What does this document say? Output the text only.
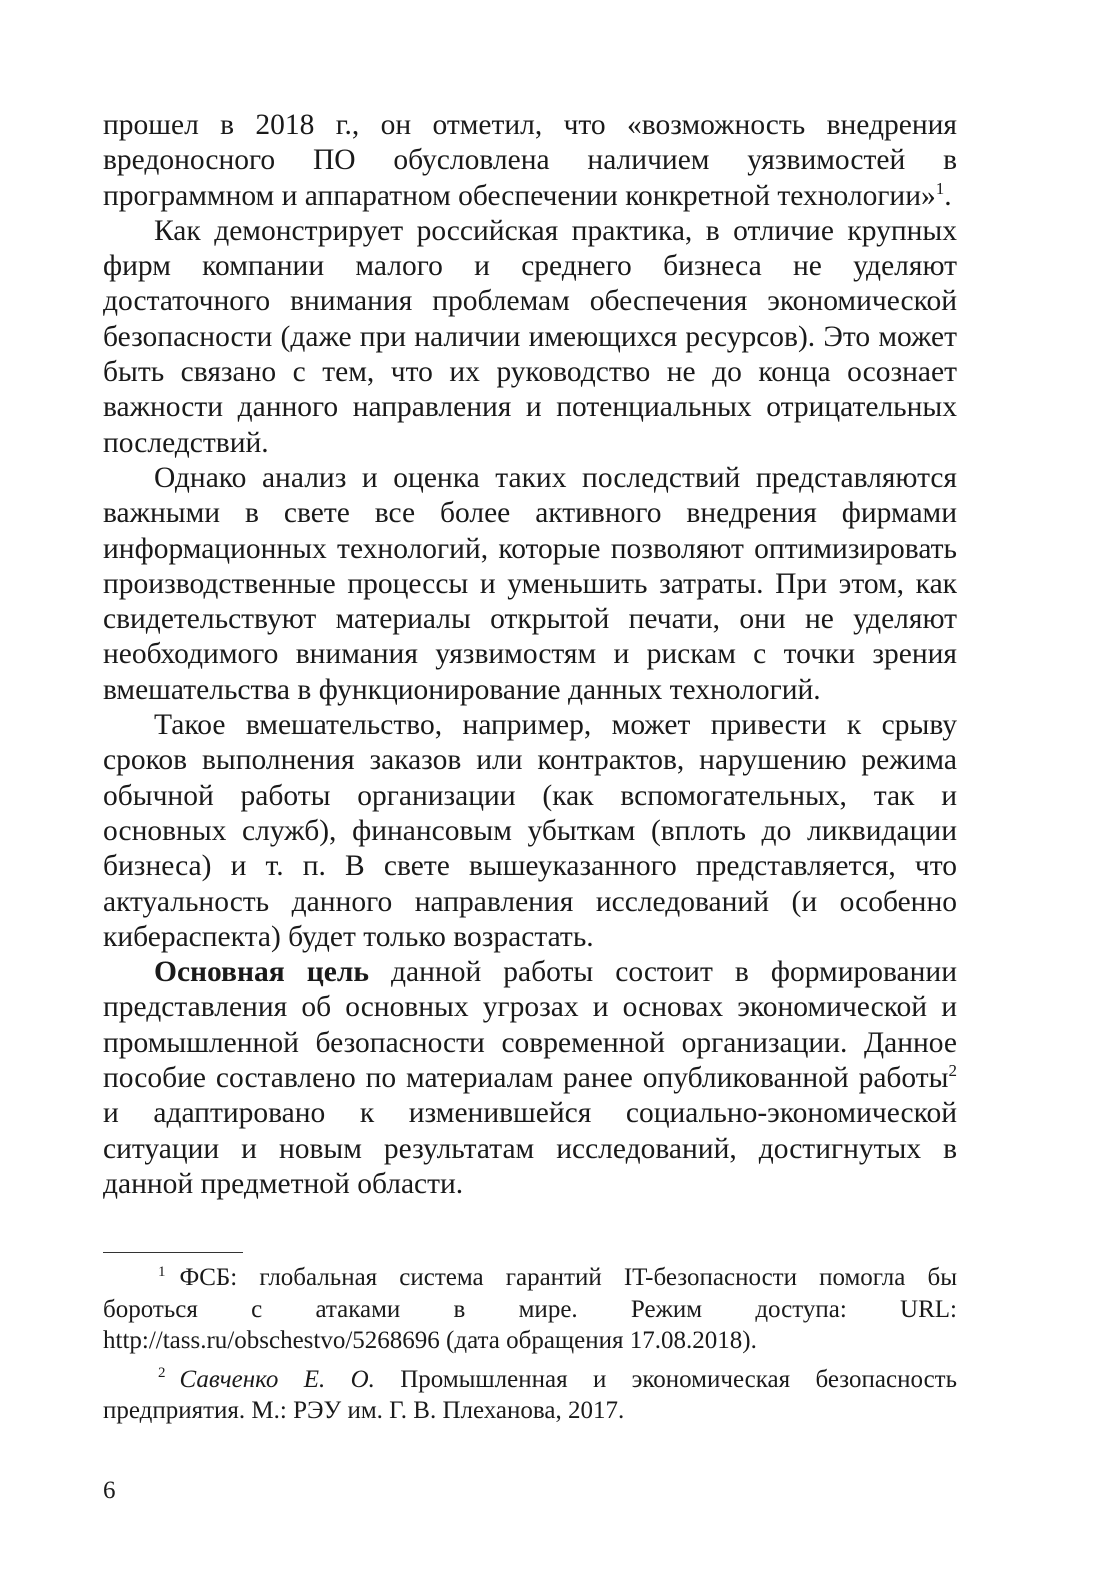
прошел в 2018 г., он отметил, что «возможность внедрения вредоносного ПО обусловлена наличием уязвимостей в программном и аппаратном обеспечении конкретной технологии»$^1$.

Как демонстрирует российская практика, в отличие крупных фирм компании малого и среднего бизнеса не уделяют достаточного внимания проблемам обеспечения экономической безопасности (даже при наличии имеющихся ресурсов). Это может быть связано с тем, что их руководство не до конца осознает важности данного направления и потенциальных отрицательных последствий.

Однако анализ и оценка таких последствий представляются важными в свете все более активного внедрения фирмами информационных технологий, которые позволяют оптимизировать производственные процессы и уменьшить затраты. При этом, как свидетельствуют материалы открытой печати, они не уделяют необходимого внимания уязвимостям и рискам с точки зрения вмешательства в функционирование данных технологий.

Такое вмешательство, например, может привести к срыву сроков выполнения заказов или контрактов, нарушению режима обычной работы организации (как вспомогательных, так и основных служб), финансовым убыткам (вплоть до ликвидации бизнеса) и т. п. В свете вышеуказанного представляется, что актуальность данного направления исследований (и особенно киберaспекта) будет только возрастать.

Основная цель данной работы состоит в формировании представления об основных угрозах и основах экономической и промышленной безопасности современной организации. Данное пособие составлено по материалам ранее опубликованной работы$^2$ и адаптировано к изменившейся социально-экономической ситуации и новым результатам исследований, достигнутых в данной предметной области.

$^1$ ФСБ: глобальная система гарантий IT-безопасности помогла бы бороться с атаками в мире. Режим доступа: URL: http://tass.ru/obschestvo/5268696 (дата обращения 17.08.2018).

$^2$ Савченко Е. О. Промышленная и экономическая безопасность предприятия. М.: РЭУ им. Г. В. Плеханова, 2017.

6
